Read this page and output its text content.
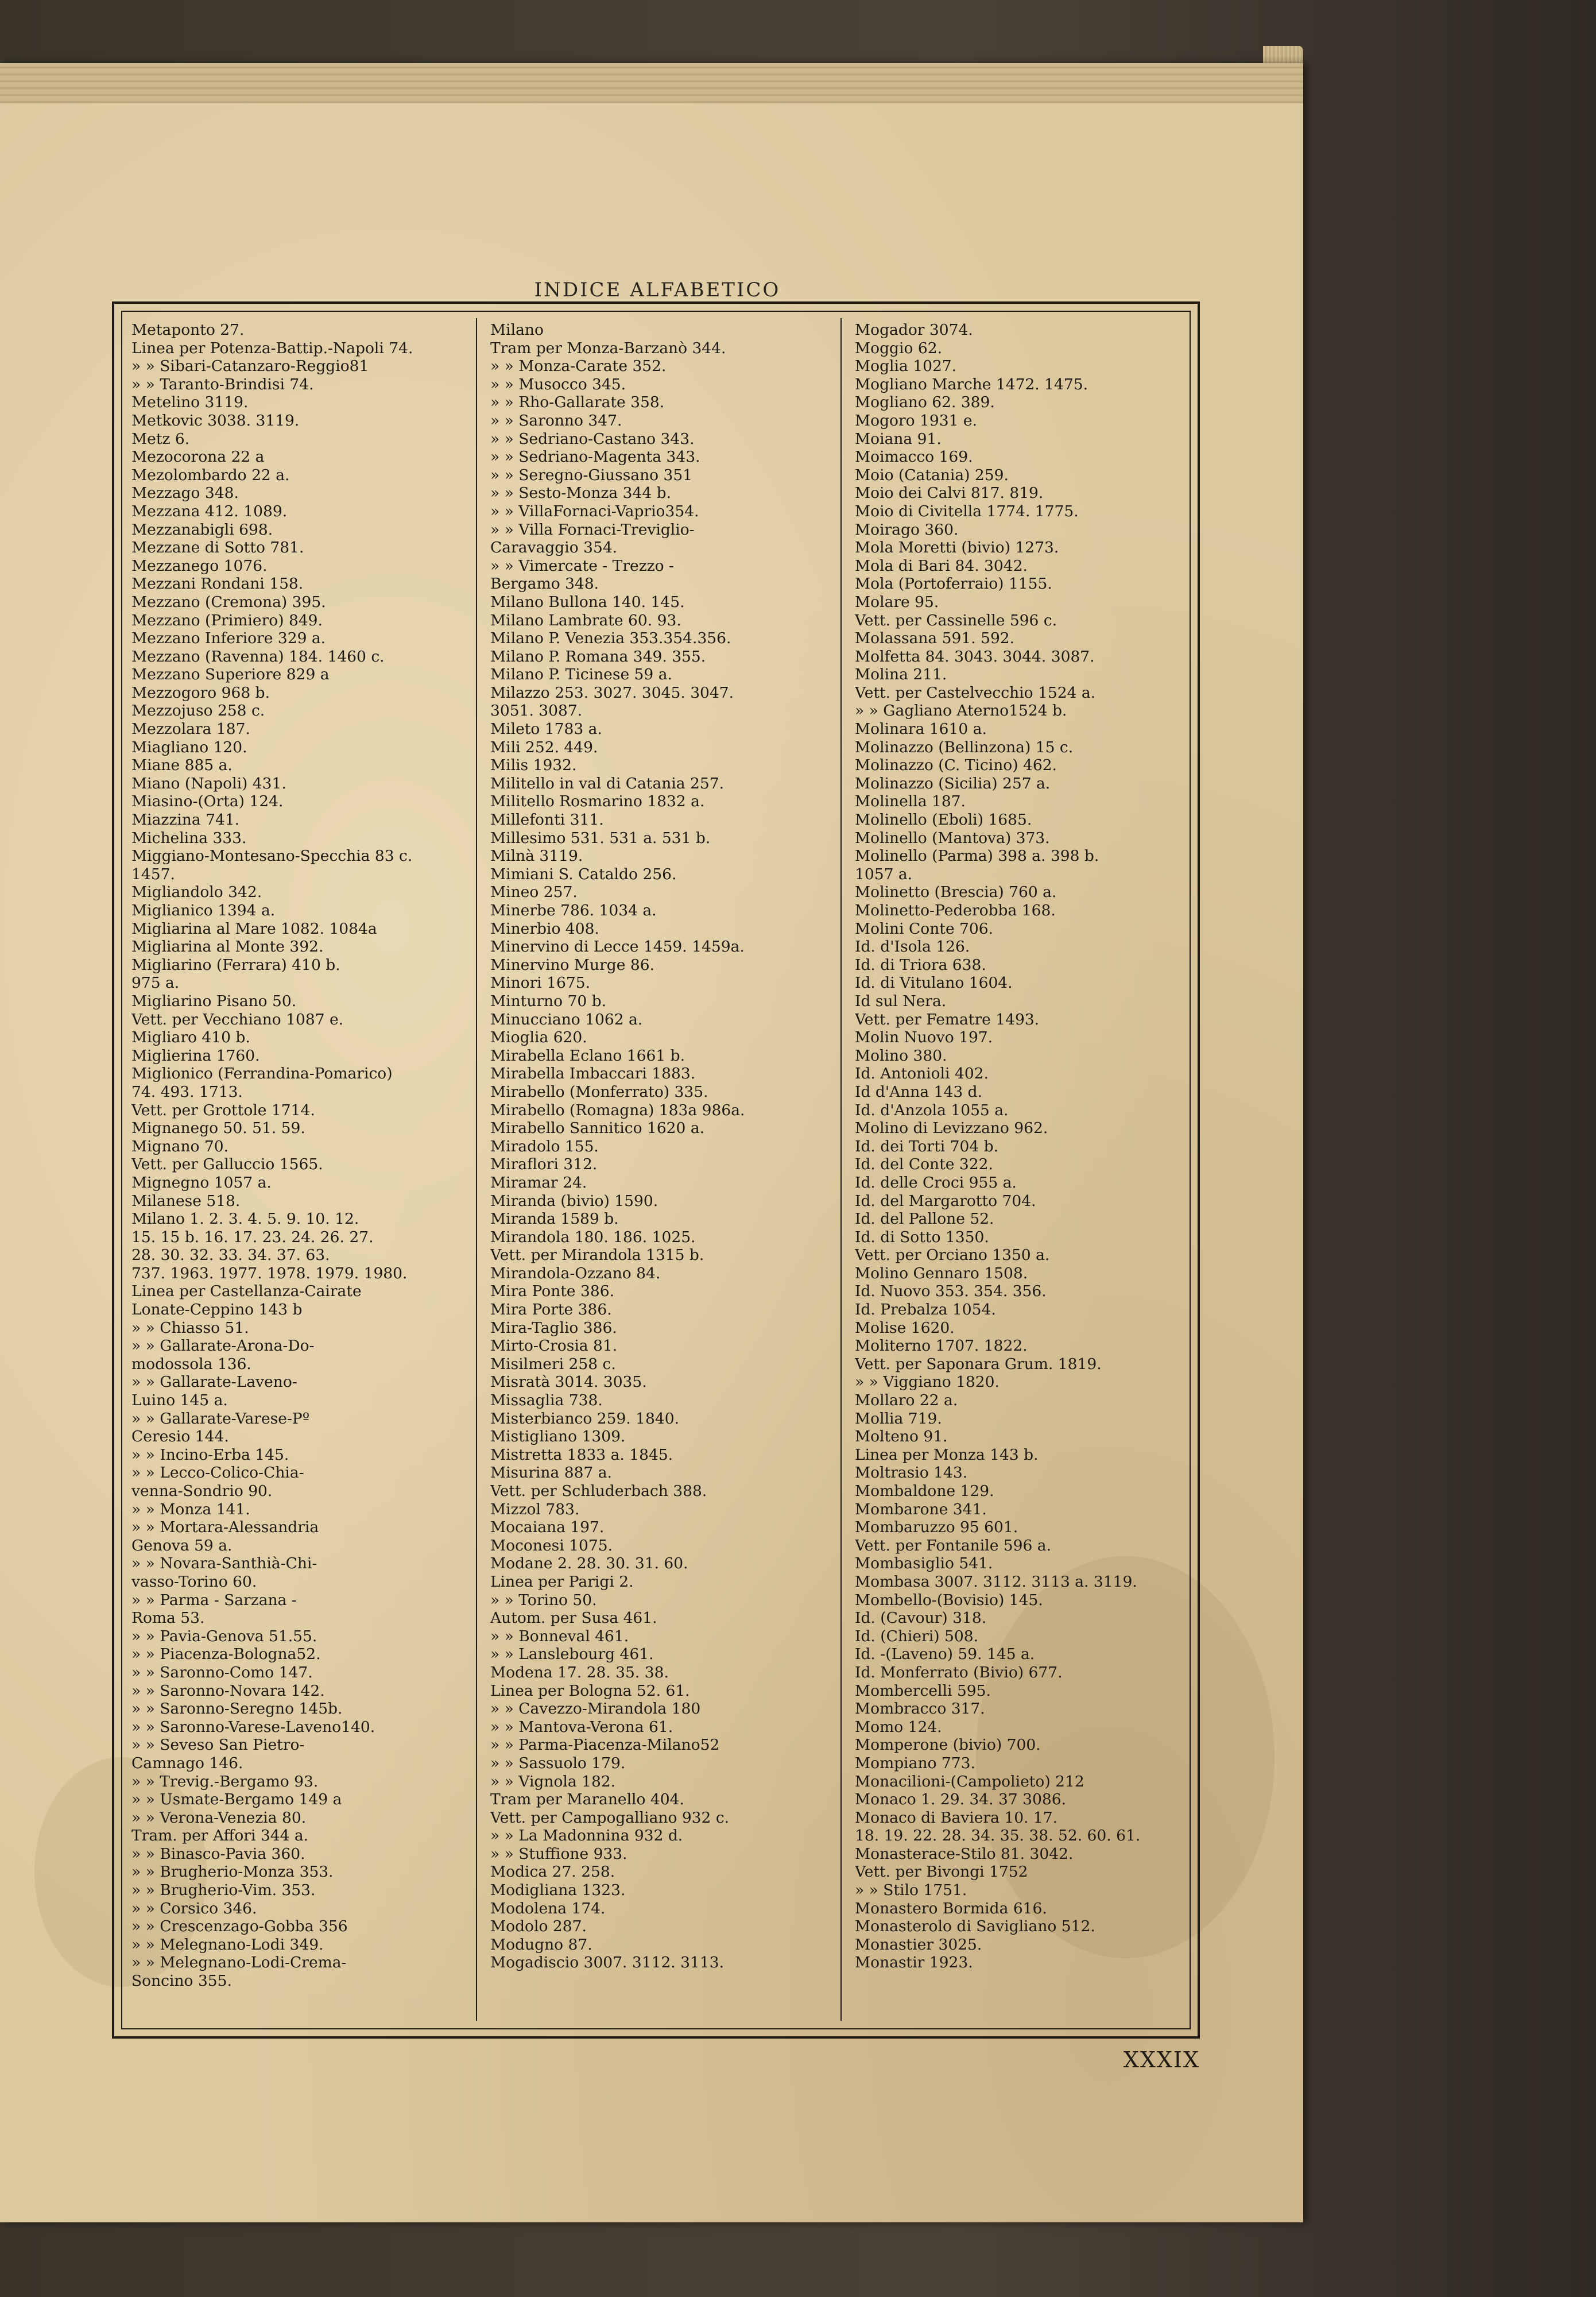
INDICE ALFABETICO
Metaponto 27.
Linea per Potenza-Battip.-Napoli 74.
» » Sibari-Catanzaro-Reggio81
» » Taranto-Brindisi 74.
Metelino 3119.
Metkovic 3038. 3119.
Metz 6.
Mezocorona 22 a
Mezolombardo 22 a.
Mezzago 348.
Mezzana 412. 1089.
Mezzanabigli 698.
Mezzane di Sotto 781.
Mezzanego 1076.
Mezzani Rondani 158.
Mezzano (Cremona) 395.
Mezzano (Primiero) 849.
Mezzano Inferiore 329 a.
Mezzano (Ravenna) 184. 1460 c.
Mezzano Superiore 829 a
Mezzogoro 968 b.
Mezzojuso 258 c.
Mezzolara 187.
Miagliano 120.
Miane 885 a.
Miano (Napoli) 431.
Miasino-(Orta) 124.
Miazzina 741.
Michelina 333.
Miggiano-Montesano-Specchia 83 c.
1457.
Migliandolo 342.
Miglianico 1394 a.
Migliarina al Mare 1082. 1084a
Migliarina al Monte 392.
Migliarino (Ferrara) 410 b.
975 a.
Migliarino Pisano 50.
Vett. per Vecchiano 1087 e.
Migliaro 410 b.
Miglierina 1760.
Miglionico (Ferrandina-Pomarico)
74. 493. 1713.
Vett. per Grottole 1714.
Mignanego 50. 51. 59.
Mignano 70.
Vett. per Galluccio 1565.
Mignegno 1057 a.
Milanese 518.
Milano 1. 2. 3. 4. 5. 9. 10. 12.
15. 15 b. 16. 17. 23. 24. 26. 27.
28. 30. 32. 33. 34. 37. 63.
737. 1963. 1977. 1978. 1979. 1980.
Linea per Castellanza-Cairate
Lonate-Ceppino 143 b
» » Chiasso 51.
» » Gallarate-Arona-Do-
modossola 136.
» » Gallarate-Laveno-
Luino 145 a.
» » Gallarate-Varese-Pº
Ceresio 144.
» » Incino-Erba 145.
» » Lecco-Colico-Chia-
venna-Sondrio 90.
» » Monza 141.
» » Mortara-Alessandria
Genova 59 a.
» » Novara-Santhià-Chi-
vasso-Torino 60.
» » Parma - Sarzana -
Roma 53.
» » Pavia-Genova 51.55.
» » Piacenza-Bologna52.
» » Saronno-Como 147.
» » Saronno-Novara 142.
» » Saronno-Seregno 145b.
» » Saronno-Varese-Laveno140.
» » Seveso San Pietro-
Camnago 146.
» » Trevig.-Bergamo 93.
» » Usmate-Bergamo 149 a
» » Verona-Venezia 80.
Tram. per Affori 344 a.
» » Binasco-Pavia 360.
» » Brugherio-Monza 353.
» » Brugherio-Vim. 353.
» » Corsico 346.
» » Crescenzago-Gobba 356
» » Melegnano-Lodi 349.
» » Melegnano-Lodi-Crema-
Soncino 355.
Milano
Tram per Monza-Barzanò 344.
» » Monza-Carate 352.
» » Musocco 345.
» » Rho-Gallarate 358.
» » Saronno 347.
» » Sedriano-Castano 343.
» » Sedriano-Magenta 343.
» » Seregno-Giussano 351
» » Sesto-Monza 344 b.
» » VillaFornaci-Vaprio354.
» » Villa Fornaci-Treviglio-
Caravaggio 354.
» » Vimercate - Trezzo -
Bergamo 348.
Milano Bullona 140. 145.
Milano Lambrate 60. 93.
Milano P. Venezia 353.354.356.
Milano P. Romana 349. 355.
Milano P. Ticinese 59 a.
Milazzo 253. 3027. 3045. 3047.
3051. 3087.
Mileto 1783 a.
Mili 252. 449.
Milis 1932.
Militello in val di Catania 257.
Militello Rosmarino 1832 a.
Millefonti 311.
Millesimo 531. 531 a. 531 b.
Milnà 3119.
Mimiani S. Cataldo 256.
Mineo 257.
Minerbe 786. 1034 a.
Minerbio 408.
Minervino di Lecce 1459. 1459a.
Minervino Murge 86.
Minori 1675.
Minturno 70 b.
Minucciano 1062 a.
Mioglia 620.
Mirabella Eclano 1661 b.
Mirabella Imbaccari 1883.
Mirabello (Monferrato) 335.
Mirabello (Romagna) 183a 986a.
Mirabello Sannitico 1620 a.
Miradolo 155.
Miraflori 312.
Miramar 24.
Miranda (bivio) 1590.
Miranda 1589 b.
Mirandola 180. 186. 1025.
Vett. per Mirandola 1315 b.
Mirandola-Ozzano 84.
Mira Ponte 386.
Mira Porte 386.
Mira-Taglio 386.
Mirto-Crosia 81.
Misilmeri 258 c.
Misratà 3014. 3035.
Missaglia 738.
Misterbianco 259. 1840.
Mistigliano 1309.
Mistretta 1833 a. 1845.
Misurina 887 a.
Vett. per Schluderbach 388.
Mizzol 783.
Mocaiana 197.
Moconesi 1075.
Modane 2. 28. 30. 31. 60.
Linea per Parigi 2.
» » Torino 50.
Autom. per Susa 461.
» » Bonneval 461.
» » Lanslebourg 461.
Modena 17. 28. 35. 38.
Linea per Bologna 52. 61.
» » Cavezzo-Mirandola 180
» » Mantova-Verona 61.
» » Parma-Piacenza-Milano52
» » Sassuolo 179.
» » Vignola 182.
Tram per Maranello 404.
Vett. per Campogalliano 932 c.
» » La Madonnina 932 d.
» » Stuffione 933.
Modica 27. 258.
Modigliana 1323.
Modolena 174.
Modolo 287.
Modugno 87.
Mogadiscio 3007. 3112. 3113.
Mogador 3074.
Moggio 62.
Moglia 1027.
Mogliano Marche 1472. 1475.
Mogliano 62. 389.
Mogoro 1931 e.
Moiana 91.
Moimacco 169.
Moio (Catania) 259.
Moio dei Calvi 817. 819.
Moio di Civitella 1774. 1775.
Moirago 360.
Mola Moretti (bivio) 1273.
Mola di Bari 84. 3042.
Mola (Portoferraio) 1155.
Molare 95.
Vett. per Cassinelle 596 c.
Molassana 591. 592.
Molfetta 84. 3043. 3044. 3087.
Molina 211.
Vett. per Castelvecchio 1524 a.
» » Gagliano Aterno1524 b.
Molinara 1610 a.
Molinazzo (Bellinzona) 15 c.
Molinazzo (C. Ticino) 462.
Molinazzo (Sicilia) 257 a.
Molinella 187.
Molinello (Eboli) 1685.
Molinello (Mantova) 373.
Molinello (Parma) 398 a. 398 b.
1057 a.
Molinetto (Brescia) 760 a.
Molinetto-Pederobba 168.
Molini Conte 706.
Id. d'Isola 126.
Id. di Triora 638.
Id. di Vitulano 1604.
Id sul Nera.
Vett. per Fematre 1493.
Molin Nuovo 197.
Molino 380.
Id. Antonioli 402.
Id d'Anna 143 d.
Id. d'Anzola 1055 a.
Molino di Levizzano 962.
Id. dei Torti 704 b.
Id. del Conte 322.
Id. delle Croci 955 a.
Id. del Margarotto 704.
Id. del Pallone 52.
Id. di Sotto 1350.
Vett. per Orciano 1350 a.
Molino Gennaro 1508.
Id. Nuovo 353. 354. 356.
Id. Prebalza 1054.
Molise 1620.
Moliterno 1707. 1822.
Vett. per Saponara Grum. 1819.
» » Viggiano 1820.
Mollaro 22 a.
Mollia 719.
Molteno 91.
Linea per Monza 143 b.
Moltrasio 143.
Mombaldone 129.
Mombarone 341.
Mombaruzzo 95 601.
Vett. per Fontanile 596 a.
Mombasiglio 541.
Mombasa 3007. 3112. 3113 a. 3119.
Mombello-(Bovisio) 145.
Id. (Cavour) 318.
Id. (Chieri) 508.
Id. -(Laveno) 59. 145 a.
Id. Monferrato (Bivio) 677.
Mombercelli 595.
Mombracco 317.
Momo 124.
Momperone (bivio) 700.
Mompiano 773.
Monacilioni-(Campolieto) 212
Monaco 1. 29. 34. 37 3086.
Monaco di Baviera 10. 17.
18. 19. 22. 28. 34. 35. 38. 52. 60. 61.
Monasterace-Stilo 81. 3042.
Vett. per Bivongi 1752
» » Stilo 1751.
Monastero Bormida 616.
Monasterolo di Savigliano 512.
Monastier 3025.
Monastir 1923.
XXXIX
